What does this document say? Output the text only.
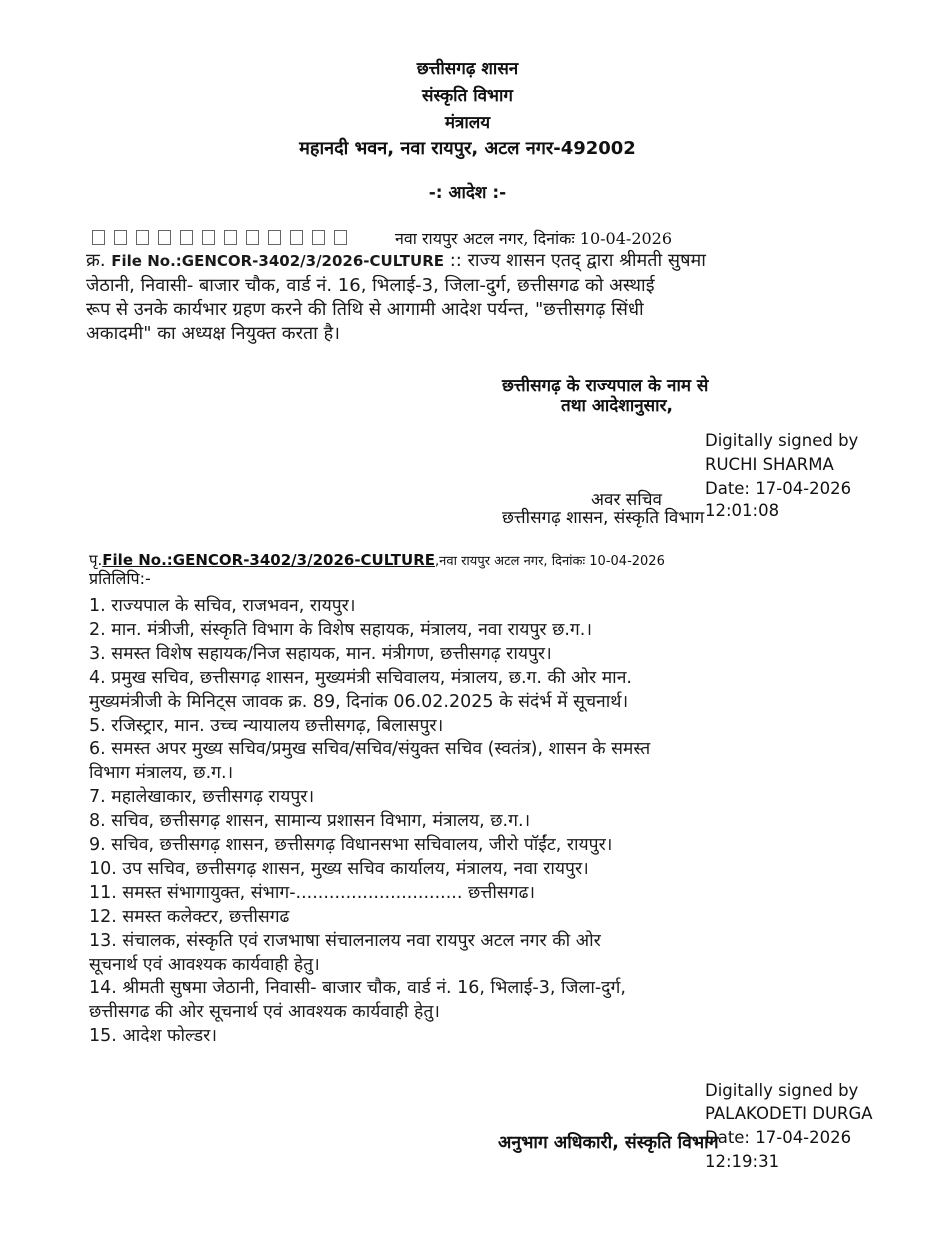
छत्तीसगढ़ शासन
संस्कृति विभाग
मंत्रालय
महानदी भवन, नवा रायपुर, अटल नगर-492002
-: आदेश :-
नवा रायपुर अटल नगर, दिनांकः 10-04-2026
क्र. File No.:GENCOR-3402/3/2026-CULTURE :: राज्य शासन एतद् द्वारा श्रीमती सुषमा
जेठानी, निवासी- बाजार चौक, वार्ड नं. 16, भिलाई-3, जिला-दुर्ग, छत्तीसगढ को अस्थाई
रूप से उनके कार्यभार ग्रहण करने की तिथि से आगामी आदेश पर्यन्त, "छत्तीसगढ़ सिंधी
अकादमी" का अध्यक्ष नियुक्त करता है।
छत्तीसगढ़ के राज्यपाल के नाम से
तथा आदेशानुसार,
Digitally signed by
RUCHI SHARMA
Date: 17-04-2026
12:01:08
अवर सचिव
छत्तीसगढ़ शासन, संस्कृति विभाग
पृ.File No.:GENCOR-3402/3/2026-CULTURE,नवा रायपुर अटल नगर, दिनांकः 10-04-2026
प्रतिलिपि:-
1. राज्यपाल के सचिव, राजभवन, रायपुर।
2. मान. मंत्रीजी, संस्कृति विभाग के विशेष सहायक, मंत्रालय, नवा रायपुर छ.ग.।
3. समस्त विशेष सहायक/निज सहायक, मान. मंत्रीगण, छत्तीसगढ़ रायपुर।
4. प्रमुख सचिव, छत्तीसगढ़ शासन, मुख्यमंत्री सचिवालय, मंत्रालय, छ.ग. की ओर मान.
मुख्यमंत्रीजी के मिनिट्स जावक क्र. 89, दिनांक 06.02.2025 के संदंर्भ में सूचनार्थ।
5. रजिस्ट्रार, मान. उच्च न्यायालय छत्तीसगढ़, बिलासपुर।
6. समस्त अपर मुख्य सचिव/प्रमुख सचिव/सचिव/संयुक्त सचिव (स्वतंत्र), शासन के समस्त
विभाग मंत्रालय, छ.ग.।
7. महालेखाकार, छत्तीसगढ़ रायपुर।
8. सचिव, छत्तीसगढ़ शासन, सामान्य प्रशासन विभाग, मंत्रालय, छ.ग.।
9. सचिव, छत्तीसगढ़ शासन, छत्तीसगढ़ विधानसभा सचिवालय, जीरो पॉईंट, रायपुर।
10. उप सचिव, छत्तीसगढ़ शासन, मुख्य सचिव कार्यालय, मंत्रालय, नवा रायपुर।
11. समस्त संभागायुक्त, संभाग-.............................. छत्तीसगढ।
12. समस्त कलेक्टर, छत्तीसगढ
13. संचालक, संस्कृति एवं राजभाषा संचालनालय नवा रायपुर अटल नगर की ओर
सूचनार्थ एवं आवश्यक कार्यवाही हेतु।
14. श्रीमती सुषमा जेठानी, निवासी- बाजार चौक, वार्ड नं. 16, भिलाई-3, जिला-दुर्ग,
छत्तीसगढ की ओर सूचनार्थ एवं आवश्यक कार्यवाही हेतु।
15. आदेश फोल्डर।
Digitally signed by
PALAKODETI DURGA
Date: 17-04-2026
12:19:31
अनुभाग अधिकारी, संस्कृति विभाग
